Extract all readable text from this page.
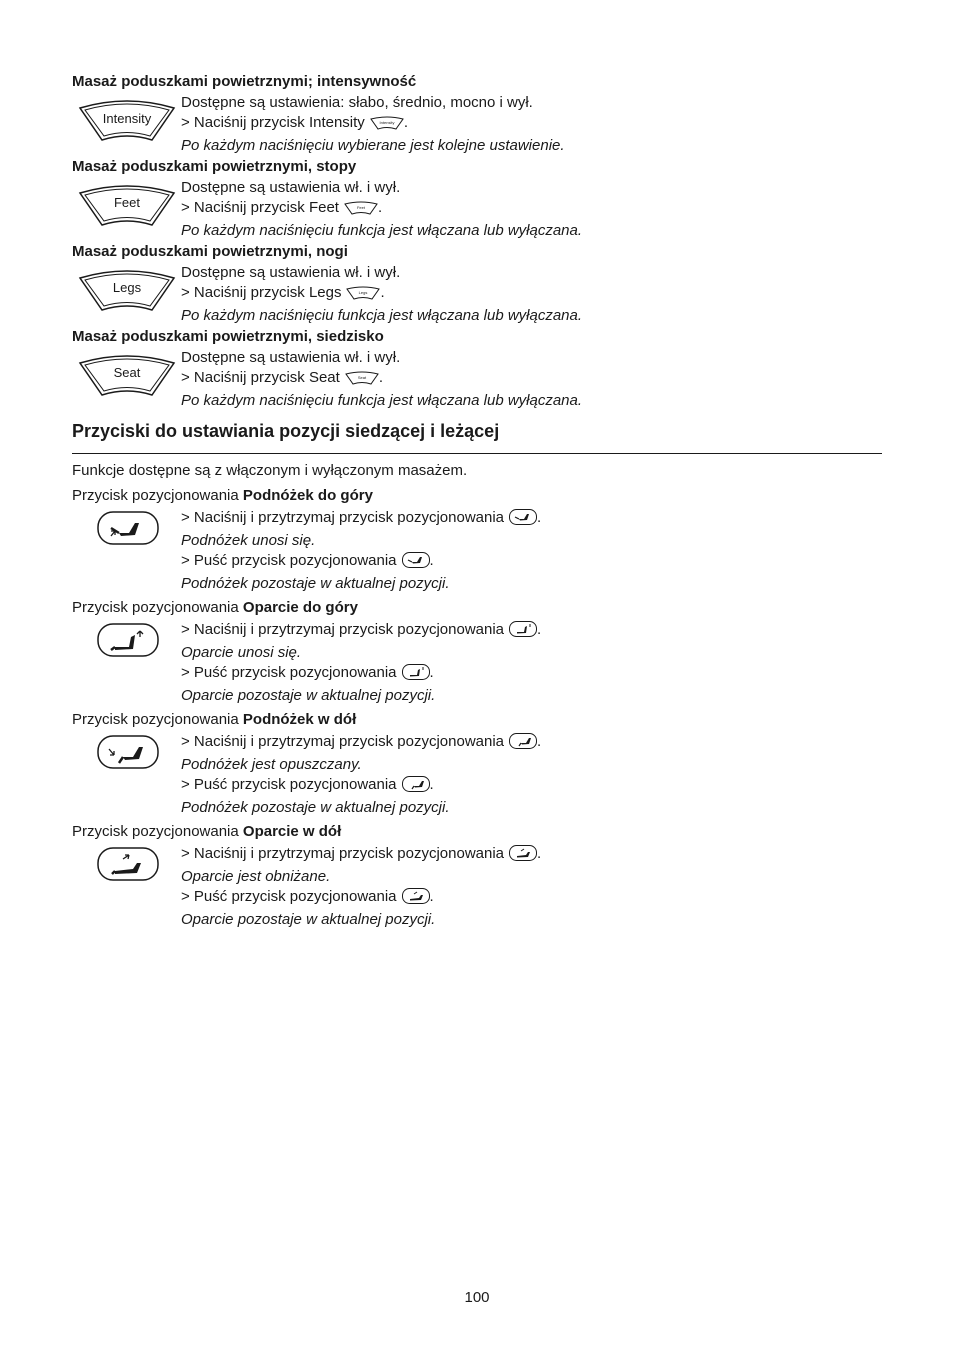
Masaż poduszkami powietrznymi; intensywność
Intensity
Dostępne są ustawienia: słabo, średnio, mocno i wył.
> Naciśnij przycisk Intensity	Intensity .
Po każdym naciśnięciu wybierane jest kolejne ustawienie.
Masaż poduszkami powietrznymi, stopy
Feet
Dostępne są ustawienia wł. i wył.
> Naciśnij przycisk Feet	Feet .
Po każdym naciśnięciu funkcja jest włączana lub wyłączana.
Masaż poduszkami powietrznymi, nogi
Legs
Dostępne są ustawienia wł. i wył.
> Naciśnij przycisk Legs	Legs .
Po każdym naciśnięciu funkcja jest włączana lub wyłączana.
Masaż poduszkami powietrznymi, siedzisko
Seat
Dostępne są ustawienia wł. i wył.
> Naciśnij przycisk Seat	Seat .
Po każdym naciśnięciu funkcja jest włączana lub wyłączana.
Przyciski do ustawiania pozycji siedzącej i leżącej
Funkcje dostępne są z włączonym i wyłączonym masażem.
Przycisk pozycjonowania Podnóżek do góry
> Naciśnij i przytrzymaj przycisk pozycjonowania .
Podnóżek unosi się.
> Puść przycisk pozycjonowania .
Podnóżek pozostaje w aktualnej pozycji.
Przycisk pozycjonowania Oparcie do góry
> Naciśnij i przytrzymaj przycisk pozycjonowania .
Oparcie unosi się.
> Puść przycisk pozycjonowania .
Oparcie pozostaje w aktualnej pozycji.
Przycisk pozycjonowania Podnóżek w dół
> Naciśnij i przytrzymaj przycisk pozycjonowania .
Podnóżek jest opuszczany.
> Puść przycisk pozycjonowania .
Podnóżek pozostaje w aktualnej pozycji.
Przycisk pozycjonowania Oparcie w dół
> Naciśnij i przytrzymaj przycisk pozycjonowania .
Oparcie jest obniżane.
> Puść przycisk pozycjonowania .
Oparcie pozostaje w aktualnej pozycji.
100
